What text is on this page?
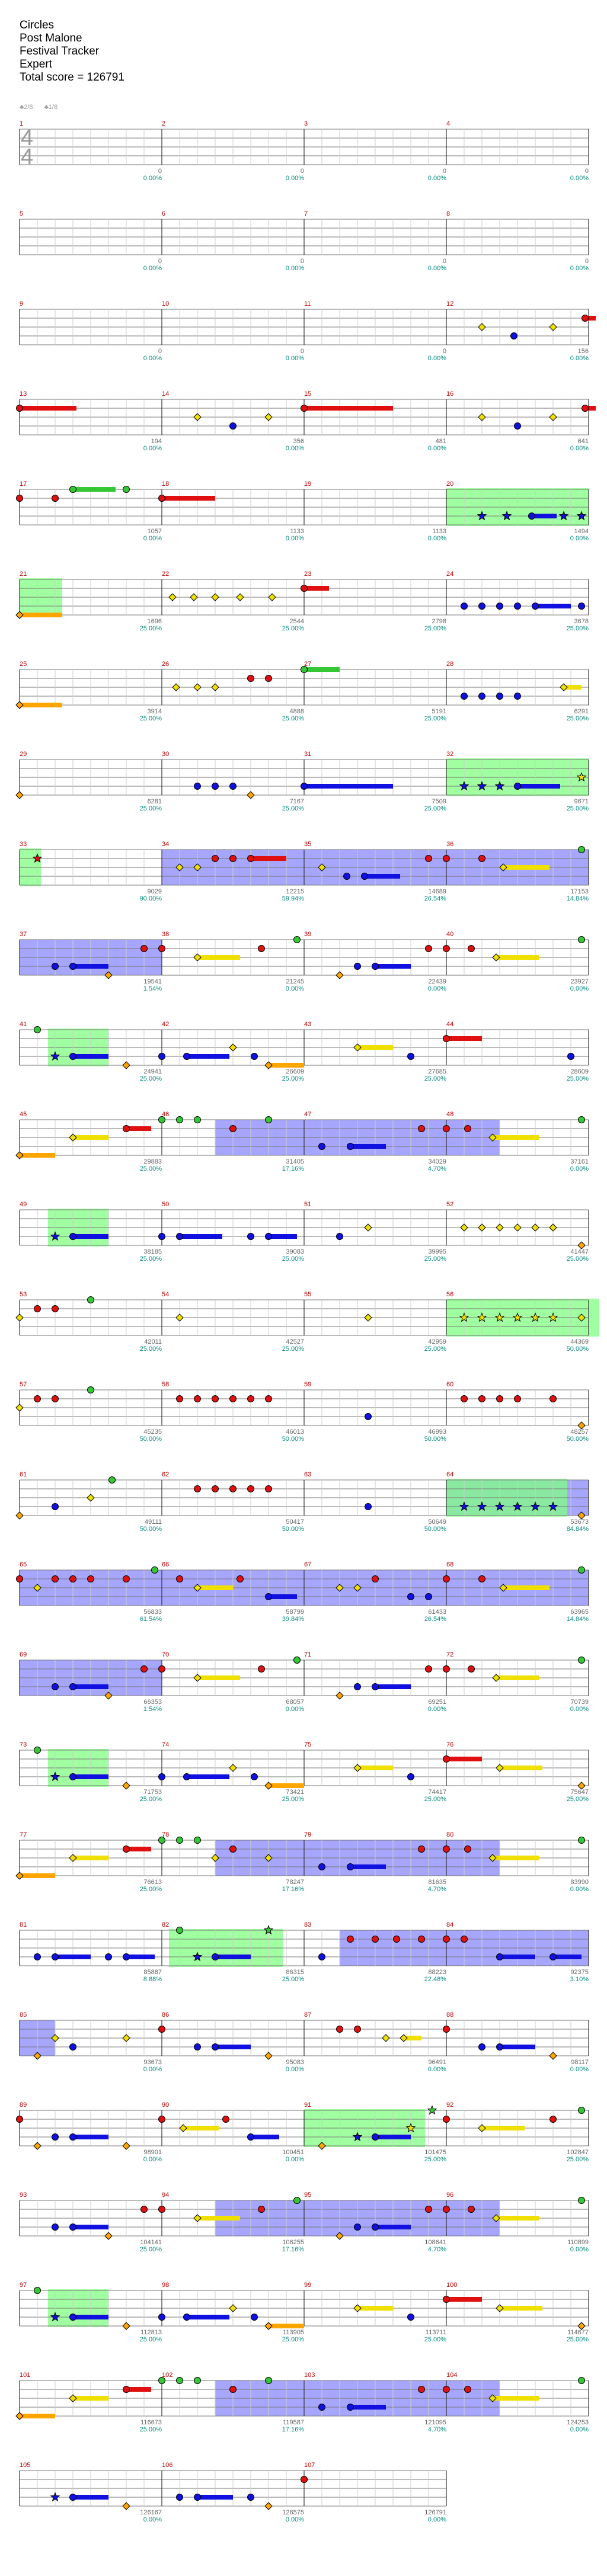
Circles
Post Malone
Festival Tracker
Expert
Total score = 126791
♣2/8 ♣1/8
1
0
0.00%
2
0
0.00%
3
0
0.00%
4
0
0.00%
5
0
0.00%
6
0
0.00%
7
0
0.00%
8
0
0.00%
9
0
0.00%
10
0
0.00%
11
0
0.00%
12
156
0.00%
13
194
0.00%
14
356
0.00%
15
481
0.00%
16
641
0.00%
17
1057
0.00%
18
1133
0.00%
19
1133
0.00%
20
1494
0.00%
21
1696
25.00%
22
2544
25.00%
23
2798
25.00%
24
3678
25.00%
25
3914
25.00%
26
4888
25.00%
27
5191
25.00%
28
6291
25.00%
29
6281
25.00%
30
7167
25.00%
31
7509
25.00%
32
9671
25.00%
33
9029
90.00%
34
12215
59.94%
35
14689
26.54%
36
17153
14.84%
37
19541
1.54%
38
21245
0.00%
39
22439
0.00%
40
23927
0.00%
41
24941
25.00%
42
26609
25.00%
43
27685
25.00%
44
28609
25.00%
45
29883
25.00%
46
31405
17.16%
47
34029
4.70%
48
37161
0.00%
49
38185
25.00%
50
39083
25.00%
51
39995
25.00%
52
41447
25.00%
53
42011
25.00%
54
42527
25.00%
55
42959
25.00%
56
44369
50.00%
57
45235
50.00%
58
46013
50.00%
59
46993
50.00%
60
48257
50.00%
61
49111
50.00%
62
50417
50.00%
63
50649
50.00%
64
53673
84.84%
65
56833
61.54%
66
58799
39.84%
67
61433
26.54%
68
63965
14.84%
69
66353
1.54%
70
68057
0.00%
71
69251
0.00%
72
70739
0.00%
73
71753
25.00%
74
73421
25.00%
75
74417
25.00%
76
75647
25.00%
77
76613
25.00%
78
78247
17.16%
79
81635
4.70%
80
83990
0.00%
81
85887
8.88%
82
86315
25.00%
83
88223
22.48%
84
92375
3.10%
85
93673
0.00%
86
95083
0.00%
87
96491
0.00%
88
98117
0.00%
89
98901
0.00%
90
100451
0.00%
91
101475
25.00%
92
102847
25.00%
93
104141
25.00%
94
106255
17.16%
95
108641
4.70%
96
110899
0.00%
97
112813
25.00%
98
113905
25.00%
99
113711
25.00%
100
114677
25.00%
101
116673
25.00%
102
119587
17.16%
103
121095
4.70%
104
124253
0.00%
105
126167
0.00%
106
126575
0.00%
107
126791
0.00%
4
4
